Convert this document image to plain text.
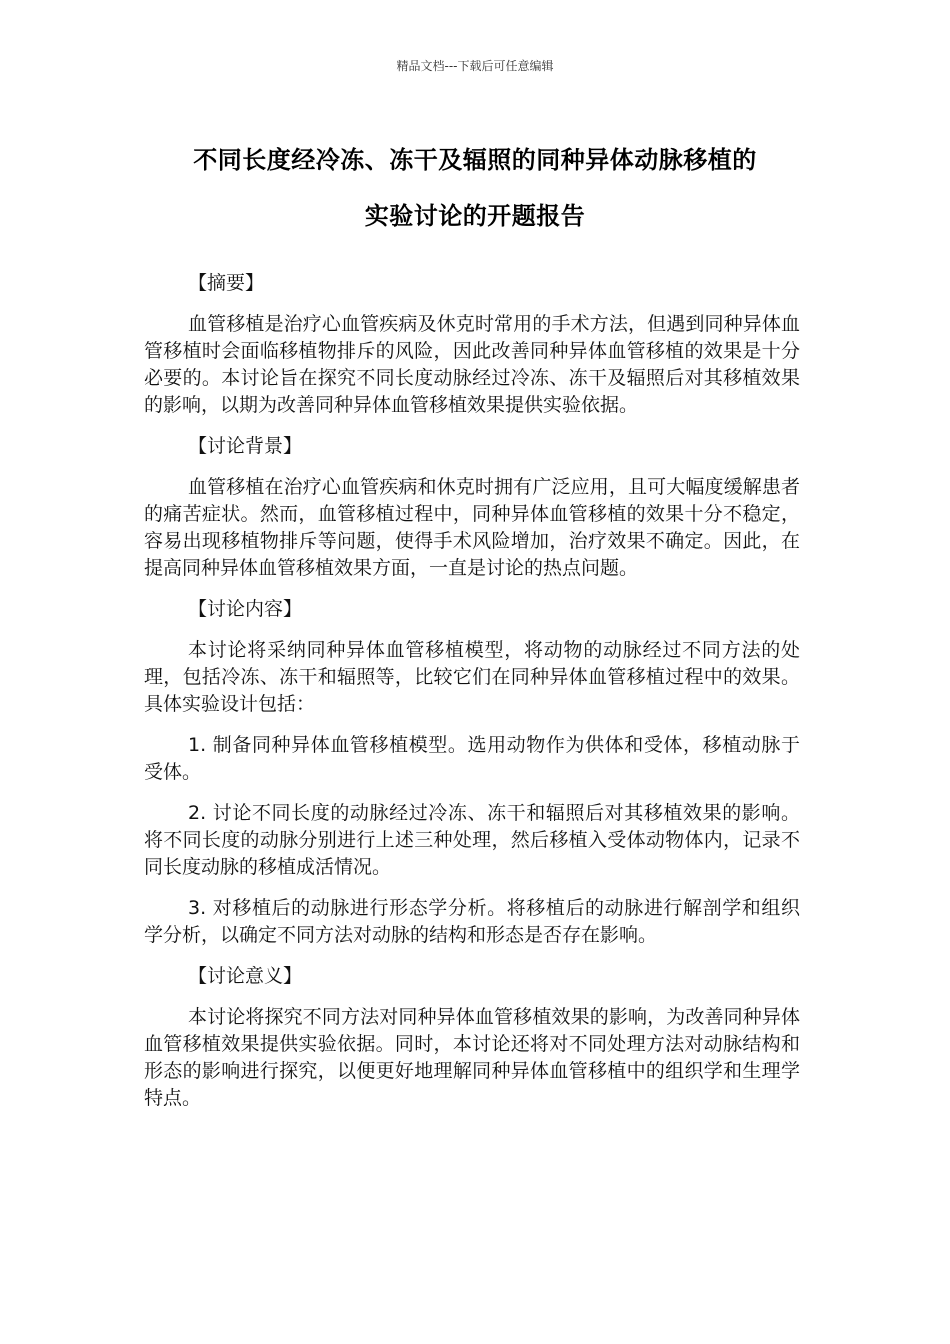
精品文档---下载后可任意编辑
不同长度经冷冻、冻干及辐照的同种异体动脉移植的
实验讨论的开题报告

【摘要】

血管移植是治疗心血管疾病及休克时常用的手术方法，但遇到同种异体血管移植时会面临移植物排斥的风险，因此改善同种异体血管移植的效果是十分必要的。本讨论旨在探究不同长度动脉经过冷冻、冻干及辐照后对其移植效果的影响，以期为改善同种异体血管移植效果提供实验依据。

【讨论背景】

血管移植在治疗心血管疾病和休克时拥有广泛应用，且可大幅度缓解患者的痛苦症状。然而，血管移植过程中，同种异体血管移植的效果十分不稳定，容易出现移植物排斥等问题，使得手术风险增加，治疗效果不确定。因此，在提高同种异体血管移植效果方面，一直是讨论的热点问题。

【讨论内容】

本讨论将采纳同种异体血管移植模型，将动物的动脉经过不同方法的处理，包括冷冻、冻干和辐照等，比较它们在同种异体血管移植过程中的效果。具体实验设计包括：

1. 制备同种异体血管移植模型。选用动物作为供体和受体，移植动脉于受体。

2. 讨论不同长度的动脉经过冷冻、冻干和辐照后对其移植效果的影响。将不同长度的动脉分别进行上述三种处理，然后移植入受体动物体内，记录不同长度动脉的移植成活情况。

3. 对移植后的动脉进行形态学分析。将移植后的动脉进行解剖学和组织学分析，以确定不同方法对动脉的结构和形态是否存在影响。

【讨论意义】

本讨论将探究不同方法对同种异体血管移植效果的影响，为改善同种异体血管移植效果提供实验依据。同时，本讨论还将对不同处理方法对动脉结构和形态的影响进行探究，以便更好地理解同种异体血管移植中的组织学和生理学特点。
